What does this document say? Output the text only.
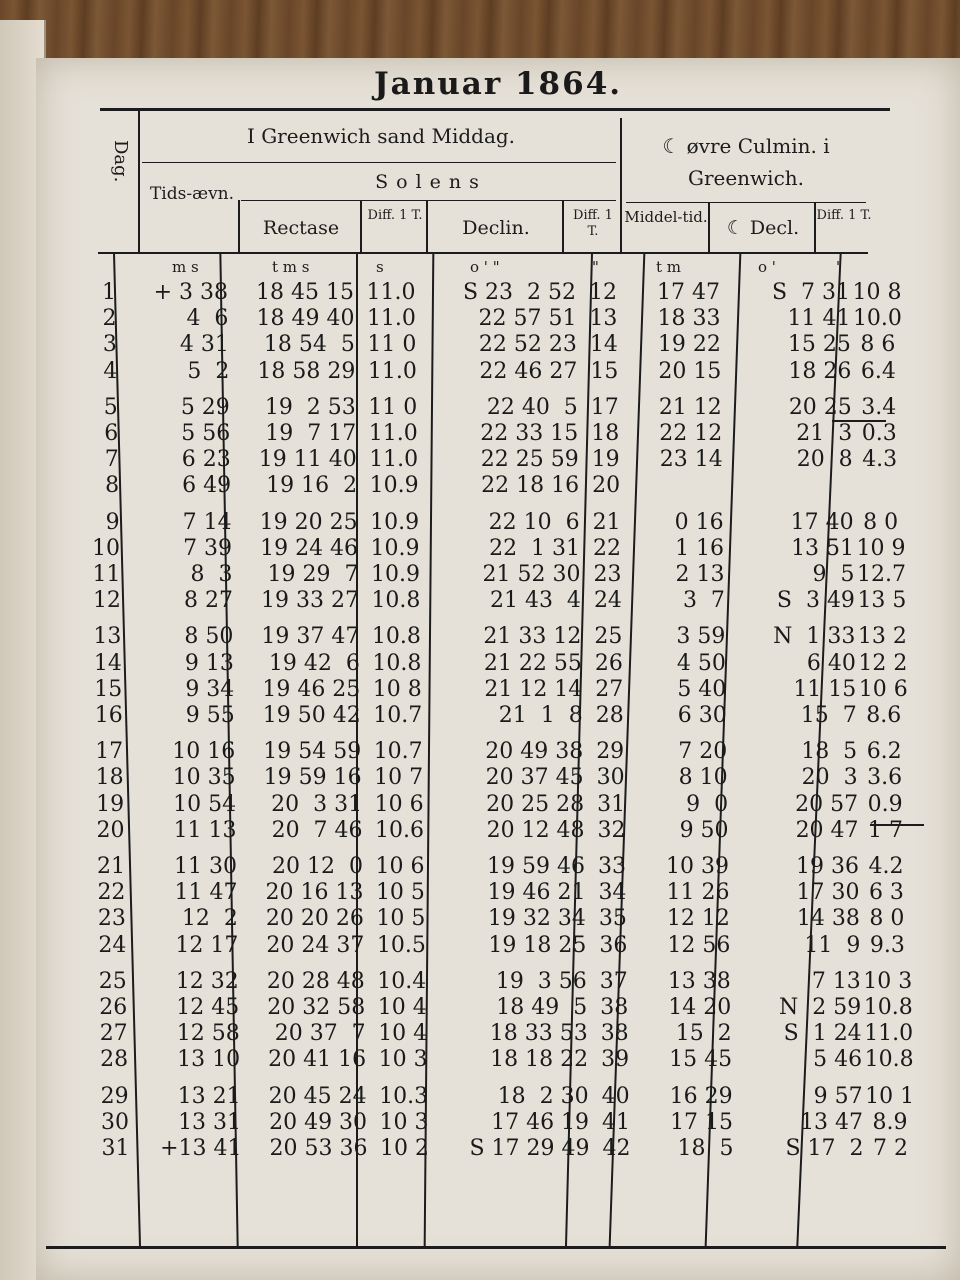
Januar 1864.
Dag.
I Greenwich sand Middag.
Solens
Tids-ævn.
Rectase
Diff. 1 T.
Declin.
Diff. 1 T.
☾ øvre Culmin. i Greenwich.
Middel-tid.	☾ Decl.
Diff. 1 T.
m s	t m s	s	o ' "	"	t m	o '	'
1	+ 3 38	18 45 15 11.0	S 23  2 52 12	17 47	S  7 31 10 8
2	4  6	18 49 40 11.0	22 57 51 13	18 33	11 41 10.0
3	4 31	18 54  5 11 0	22 52 23 14	19 22	15 25 8 6
4	5  2	18 58 29 11.0	22 46 27 15	20 15	18 26 6.4
5	5 29	19  2 53 11 0	22 40  5 17	21 12	20 25 3.4
6	5 56	19  7 17 11.0	22 33 15 18	22 12	21  3 0.3
7	6 23	19 11 40 11.0	22 25 59 19	23 14	20  8 4.3
8	6 49	19 16  2 10.9	22 18 16 20
9	7 14	19 20 25 10.9	22 10  6 21	0 16	17 40 8 0
10	7 39	19 24 46 10.9	22  1 31 22	1 16	13 51 10 9
11	8  3	19 29  7 10.9	21 52 30 23	2 13	9  5 12.7
12	8 27	19 33 27 10.8	21 43  4 24	3  7	S  3 49 13 5
13	8 50	19 37 47 10.8	21 33 12 25	3 59	N  1 33 13 2
14	9 13	19 42  6 10.8	21 22 55 26	4 50	6 40 12 2
15	9 34	19 46 25 10 8	21 12 14 27	5 40	11 15 10 6
16	9 55	19 50 42 10.7	21  1  8 28	6 30	15  7 8.6
17	10 16	19 54 59 10.7	20 49 38 29	7 20	18  5 6.2
18	10 35	19 59 16 10 7	20 37 45 30	8 10	20  3 3.6
19	10 54	20  3 31 10 6	20 25 28 31	9  0	20 57 0.9
20	11 13	20  7 46 10.6	20 12 48 32	9 50	20 47 1 7
21	11 30	20 12  0 10 6	19 59 46 33	10 39	19 36 4.2
22	11 47	20 16 13 10 5	19 46 21 34	11 26	17 30 6 3
23	12  2	20 20 26 10 5	19 32 34 35	12 12	14 38 8 0
24	12 17	20 24 37 10.5	19 18 25 36	12 56	11  9 9.3
25	12 32	20 28 48 10.4	19  3 56 37	13 38	7 13 10 3
26	12 45	20 32 58 10 4	18 49  5 38	14 20	N  2 59 10.8
27	12 58	20 37  7 10 4	18 33 53 38	15  2	S  1 24 11.0
28	13 10	20 41 16 10 3	18 18 22 39	15 45	5 46 10.8
29	13 21	20 45 24 10.3	18  2 30 40	16 29	9 57 10 1
30	13 31	20 49 30 10 3	17 46 19 41	17 15	13 47 8.9
31	+13 41	20 53 36 10 2	S 17 29 49 42	18  5	S 17  2 7 2
